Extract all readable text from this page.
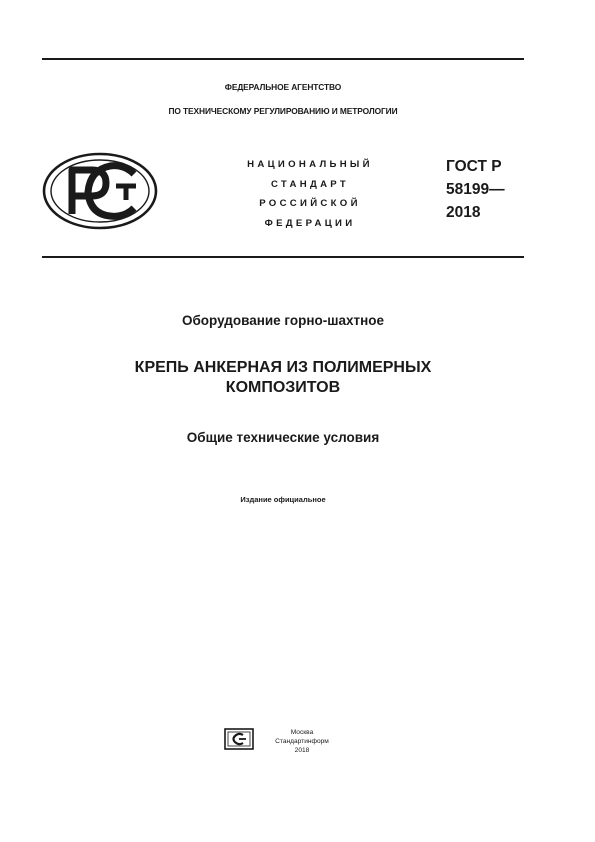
ФЕДЕРАЛЬНОЕ АГЕНТСТВО
ПО ТЕХНИЧЕСКОМУ РЕГУЛИРОВАНИЮ И МЕТРОЛОГИИ
НАЦИОНАЛЬНЫЙ
СТАНДАРТ
РОССИЙСКОЙ
ФЕДЕРАЦИИ
ГОСТ Р
58199—
2018
Оборудование горно-шахтное
КРЕПЬ АНКЕРНАЯ ИЗ ПОЛИМЕРНЫХ
КОМПОЗИТОВ
Общие технические условия
Издание официальное
Москва
Стандартинформ
2018
